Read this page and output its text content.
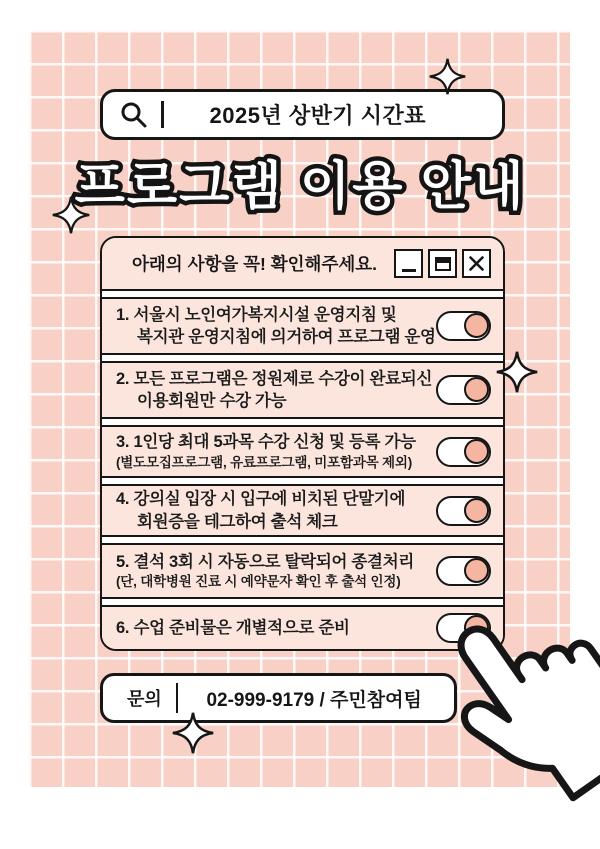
2025년 상반기 시간표
프로그램 이용 안내
아래의 사항을 꼭! 확인해주세요.
1. 서울시 노인여가복지시설 운영지침 및
복지관 운영지침에 의거하여 프로그램 운영
2. 모든 프로그램은 정원제로 수강이 완료되신
이용회원만 수강 가능
3. 1인당 최대 5과목 수강 신청 및 등록 가능
(별도모집프로그램, 유료프로그램, 미포함과목 제외)
4. 강의실 입장 시 입구에 비치된 단말기에
회원증을 테그하여 출석 체크
5. 결석 3회 시 자동으로 탈락되어 종결처리
(단, 대학병원 진료 시 예약문자 확인 후 출석 인정)
6. 수업 준비물은 개별적으로 준비
문의	02-999-9179 / 주민참여팀
